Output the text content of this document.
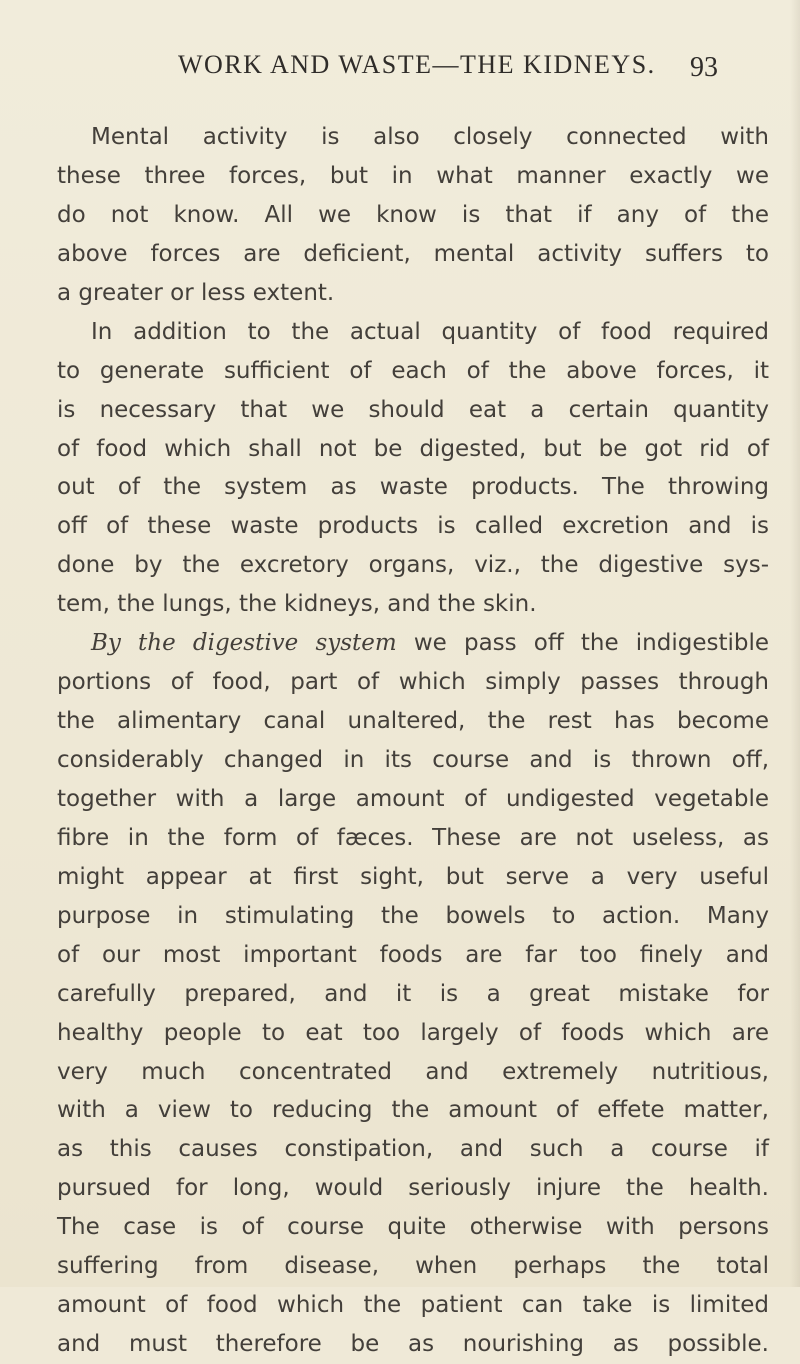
WORK AND WASTE—THE KIDNEYS. 93
Mental activity is also closely connected with
these three forces, but in what manner exactly we
do not know. All we know is that if any of the
above forces are deficient, mental activity suffers to
a greater or less extent.
In addition to the actual quantity of food required
to generate sufficient of each of the above forces, it
is necessary that we should eat a certain quantity
of food which shall not be digested, but be got rid of
out of the system as waste products. The throwing
off of these waste products is called excretion and is
done by the excretory organs, viz., the digestive sys-
tem, the lungs, the kidneys, and the skin.
By the digestive system we pass off the indigestible
portions of food, part of which simply passes through
the alimentary canal unaltered, the rest has become
considerably changed in its course and is thrown off,
together with a large amount of undigested vegetable
fibre in the form of fæces. These are not useless, as
might appear at first sight, but serve a very useful
purpose in stimulating the bowels to action. Many
of our most important foods are far too finely and
carefully prepared, and it is a great mistake for
healthy people to eat too largely of foods which are
very much concentrated and extremely nutritious,
with a view to reducing the amount of effete matter,
as this causes constipation, and such a course if
pursued for long, would seriously injure the health.
The case is of course quite otherwise with persons
suffering from disease, when perhaps the total
amount of food which the patient can take is limited
and must therefore be as nourishing as possible.
